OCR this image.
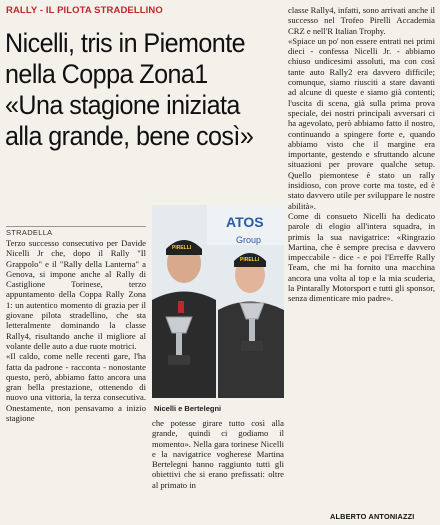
RALLY - IL PILOTA STRADELLINO
Nicelli, tris in Piemonte
nella Coppa Zona1
«Una stagione iniziata
alla grande, bene così»
STRADELLA

Terzo successo consecutivo per Davide Nicelli Jr che, dopo il Rally "Il Grappolo" e il "Rally della Lanterna" a Genova, si impone anche al Rally di Castiglione Torinese, terzo appuntamento della Coppa Rally Zona 1: un autentico momento di grazia per il giovane pilota stradellino, che sta letteralmente dominando la classe Rally4, risultando anche il migliore al volante delle auto a due ruote motrici.

«Il caldo, come nelle recenti gare, l'ha fatta da padrone - racconta - nonostante questo, però, abbiamo fatto ancora una gran bella prestazione, ottenendo di nuovo una vittoria, la terza consecutiva. Onestamente, non pensavamo a inizio stagione

ATOS
Group
PIRELLI
PIRELLI
Nicelli e Bertelegni

che potesse girare tutto così alla grande, quindi ci godiamo il momento». Nella gara torinese Nicelli e la navigatrice vogherese Martina Bertelegni hanno raggiunto tutti gli obiettivi che si erano prefissati: oltre al primato in

classe Rally4, infatti, sono arrivati anche il successo nel Trofeo Pirelli Accademia CRZ e nell'R Italian Trophy.

«Spiace un po' non essere entrati nei primi dieci - confessa Nicelli Jr. - abbiamo chiuso undicesimi assoluti, ma con così tante auto Rally2 era davvero difficile; comunque, siamo riusciti a stare davanti ad alcune di queste e siamo già contenti; l'uscita di scena, già sulla prima prova speciale, dei nostri principali avversari ci ha agevolato, però abbiamo fatto il nostro, continuando a spingere forte e, quando abbiamo visto che il margine era importante, gestendo e sfruttando alcune situazioni per provare qualche setup. Quello piemontese è stato un rally insidioso, con prove corte ma toste, ed è stato davvero utile per sviluppare le nostre abilità».

Come di consueto Nicelli ha dedicato parole di elogio all'intera squadra, in primis la sua navigatrice: «Ringrazio Martina, che è sempre precisa e davvero impeccabile - dice - e poi l'Erreffe Rally Team, che mi ha fornito una macchina ancora una volta al top e la mia scuderia, la Pintarally Motorsport e tutti gli sponsor, senza dimenticare mio padre».

ALBERTO ANTONIAZZI
